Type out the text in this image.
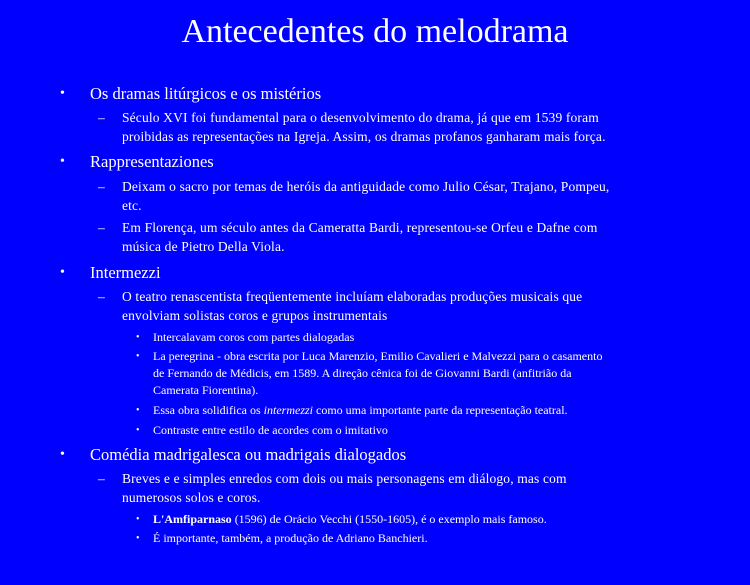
Antecedentes do melodrama
• Os dramas litúrgicos e os mistérios
– Século XVI foi fundamental para o desenvolvimento do drama, já que em 1539 foram
proibidas as representações na Igreja. Assim, os dramas profanos ganharam mais força.
• Rappresentaziones
– Deixam o sacro por temas de heróis da antiguidade como Julio César, Trajano, Pompeu,
etc.
– Em Florença, um século antes da Cameratta Bardi, representou-se Orfeu e Dafne com
música de Pietro Della Viola.
• Intermezzi
– O teatro renascentista freqüentemente incluíam elaboradas produções musicais que
envolviam solistas coros e grupos instrumentais
• Intercalavam coros com partes dialogadas
• La peregrina - obra escrita por Luca Marenzio, Emilio Cavalieri e Malvezzi para o casamento
de Fernando de Médicis, em 1589. A direção cênica foi de Giovanni Bardi (anfitrião da
Camerata Fiorentina).
• Essa obra solidifica os intermezzi como uma importante parte da representação teatral.
• Contraste entre estilo de acordes com o imitativo
• Comédia madrigalesca ou madrigais dialogados
– Breves e e simples enredos com dois ou mais personagens em diálogo, mas com
numerosos solos e coros.
• L'Amfiparnaso (1596) de Orácio Vecchi (1550-1605), é o exemplo mais famoso.
• É importante, também, a produção de Adriano Banchieri.
